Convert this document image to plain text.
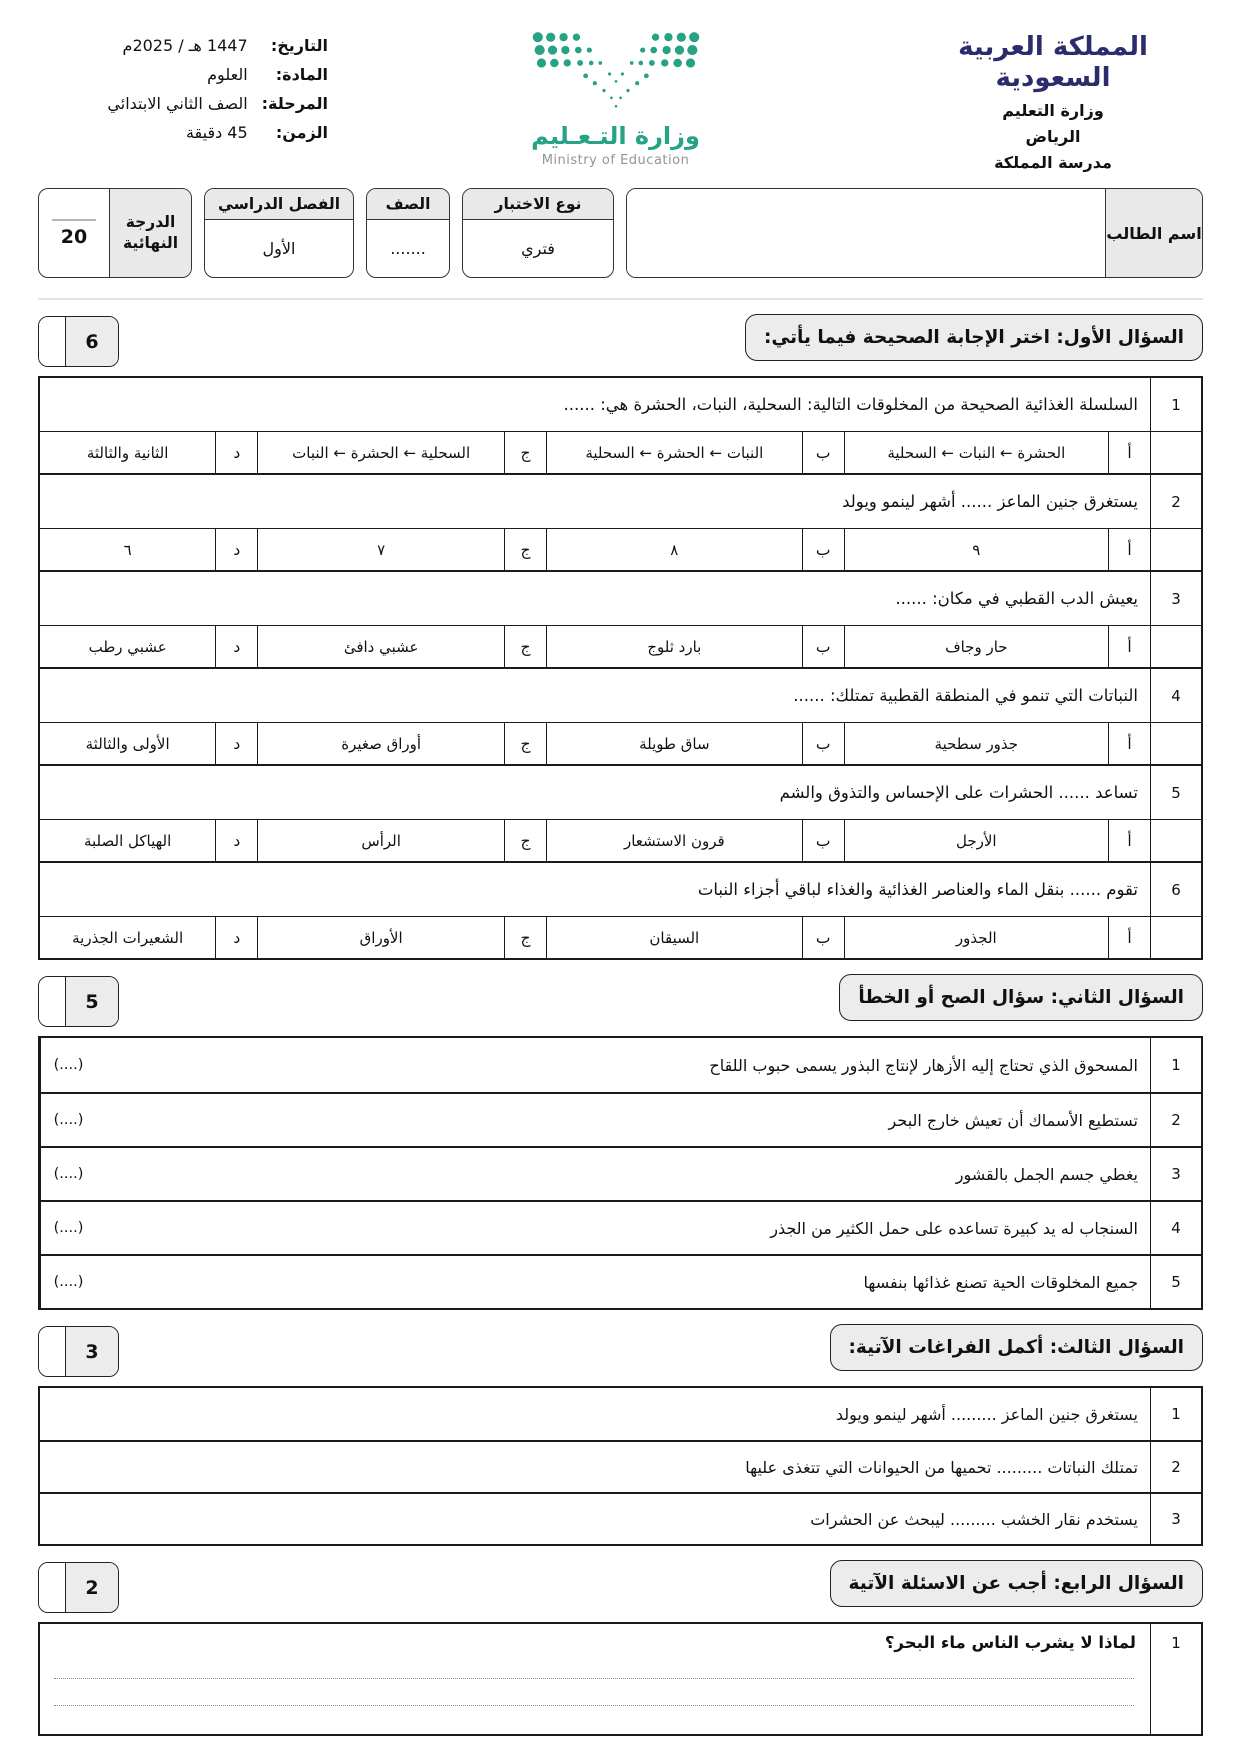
المملكة العربية السعودية
وزارة التعليم
الرياض
مدرسة المملكة
وزارة التـعـليم
Ministry of Education
التاريخ:
1447 هـ / 2025م
المادة:
العلوم
المرحلة:
الصف الثاني الابتدائي
الزمن:
45 دقيقة
اسم الطالب
نوع الاختبار
فتري
الصف
.......
الفصل الدراسي
الأول
الدرجة النهائية
20
السؤال الأول: اختر الإجابة الصحيحة فيما يأتي:
6
1
السلسلة الغذائية الصحيحة من المخلوقات التالية: السحلية، النبات، الحشرة هي: ......
أ
الحشرة ← النبات ← السحلية
ب
النبات ← الحشرة ← السحلية
ج
السحلية ← الحشرة ← النبات
د
الثانية والثالثة
2
يستغرق جنين الماعز ...... أشهر لينمو ويولد
أ
٩
ب
٨
ج
٧
د
٦
3
يعيش الدب القطبي في مكان: ......
أ
حار وجاف
ب
بارد ثلوج
ج
عشبي دافئ
د
عشبي رطب
4
النباتات التي تنمو في المنطقة القطبية تمتلك: ......
أ
جذور سطحية
ب
ساق طويلة
ج
أوراق صغيرة
د
الأولى والثالثة
5
تساعد ...... الحشرات على الإحساس والتذوق والشم
أ
الأرجل
ب
قرون الاستشعار
ج
الرأس
د
الهياكل الصلبة
6
تقوم ...... بنقل الماء والعناصر الغذائية والغذاء لباقي أجزاء النبات
أ
الجذور
ب
السيقان
ج
الأوراق
د
الشعيرات الجذرية
السؤال الثاني: سؤال الصح أو الخطأ
5
1
المسحوق الذي تحتاج إليه الأزهار لإنتاج البذور يسمى حبوب اللقاح
(....)
2
تستطيع الأسماك أن تعيش خارج البحر
(....)
3
يغطي جسم الجمل بالقشور
(....)
4
السنجاب له يد كبيرة تساعده على حمل الكثير من الجذر
(....)
5
جميع المخلوقات الحية تصنع غذائها بنفسها
(....)
السؤال الثالث: أكمل الفراغات الآتية:
3
1
يستغرق جنين الماعز ......... أشهر لينمو ويولد
2
تمتلك النباتات ......... تحميها من الحيوانات التي تتغذى عليها
3
يستخدم نقار الخشب ......... ليبحث عن الحشرات
السؤال الرابع: أجب عن الاسئلة الآتية
2
1
لماذا لا يشرب الناس ماء البحر؟
